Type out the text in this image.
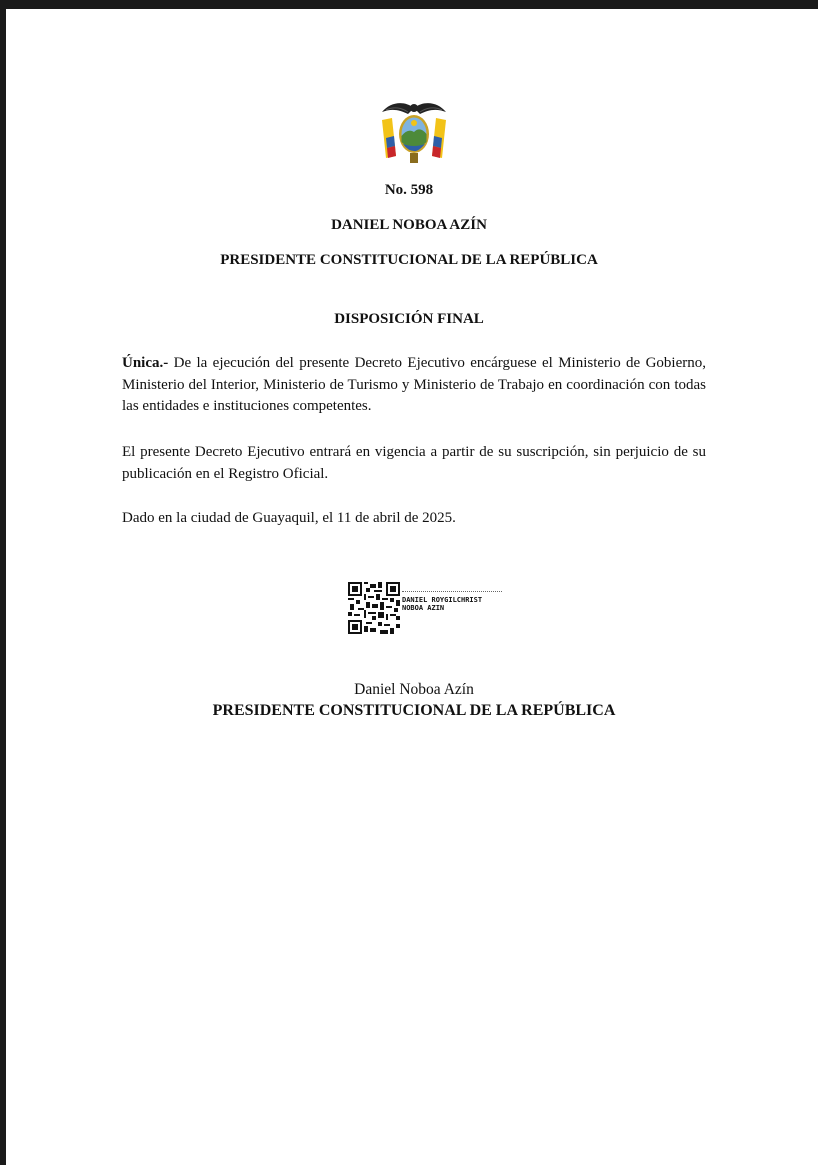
No. 598
DANIEL NOBOA AZÍN
PRESIDENTE CONSTITUCIONAL DE LA REPÚBLICA
DISPOSICIÓN FINAL
Única.- De la ejecución del presente Decreto Ejecutivo encárguese el Ministerio de Gobierno, Ministerio del Interior, Ministerio de Turismo y Ministerio de Trabajo en coordinación con todas las entidades e instituciones competentes.
El presente Decreto Ejecutivo entrará en vigencia a partir de su suscripción, sin perjuicio de su publicación en el Registro Oficial.
Dado en la ciudad de Guayaquil, el 11 de abril de 2025.
DANIEL ROYGILCHRIST
NOBOA AZIN
Daniel Noboa Azín
PRESIDENTE CONSTITUCIONAL DE LA REPÚBLICA
